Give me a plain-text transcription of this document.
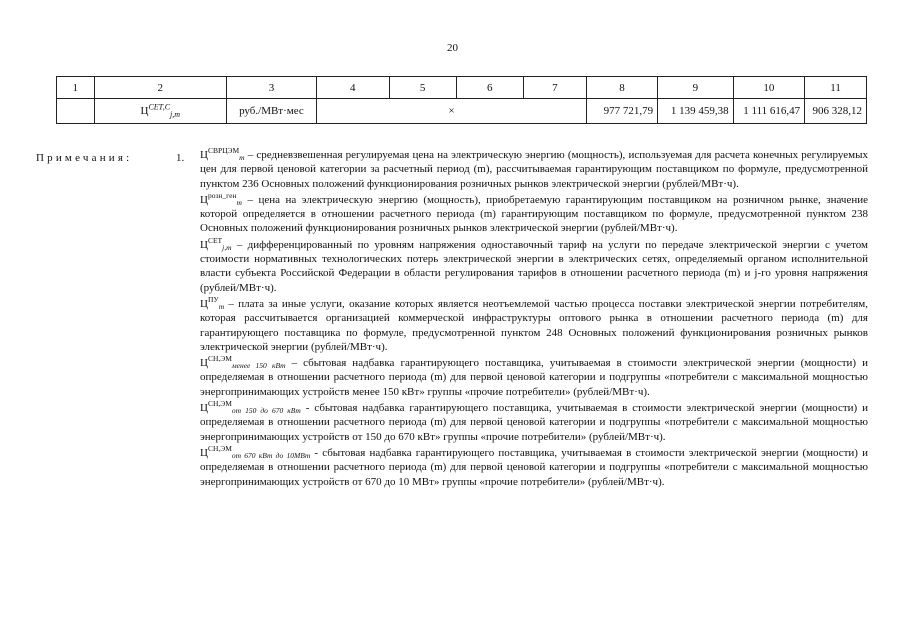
20
1	2	3	4	5	6	7	8	9	10	11
	$Ц^{СЕТ,С}_{j,m}$	руб./МВт·мес	×				977 721,79	1 139 459,38	1 111 616,47	906 328,12
Примечания:	1. $Ц^{СВРЦЭМ}_m$ – средневзвешенная регулируемая цена на электрическую энергию (мощность), используемая для расчета конечных регулируемых цен для первой ценовой категории за расчетный период (m), рассчитываемая гарантирующим поставщиком по формуле, предусмотренной пунктом 236 Основных положений функционирования розничных рынков электрической энергии (рублей/МВт·ч).

$Ц^{розн\_ген}_m$ – цена на электрическую энергию (мощность), приобретаемую гарантирующим поставщиком на розничном рынке, значение которой определяется в отношении расчетного периода (m) гарантирующим поставщиком по формуле, предусмотренной пунктом 238 Основных положений функционирования розничных рынков электрической энергии (рублей/МВт·ч).

$Ц^{СЕТ}_{j,m}$ – дифференцированный по уровням напряжения одноставочный тариф на услуги по передаче электрической энергии с учетом стоимости нормативных технологических потерь электрической энергии в электрических сетях, определяемый органом исполнительной власти субъекта Российской Федерации в области регулирования тарифов в отношении расчетного периода (m) и j-го уровня напряжения (рублей/МВт·ч).

$Ц^{ПУ}_m$ – плата за иные услуги, оказание которых является неотъемлемой частью процесса поставки электрической энергии потребителям, которая рассчитывается организацией коммерческой инфраструктуры оптового рынка в отношении расчетного периода (m) для гарантирующего поставщика по формуле, предусмотренной пунктом 248 Основных положений функционирования розничных рынков электрической энергии (рублей/МВт·ч).

$Ц^{СН,ЭМ}_{менее 150 кВт}$ – сбытовая надбавка гарантирующего поставщика, учитываемая в стоимости электрической энергии (мощности) и определяемая в отношении расчетного периода (m) для первой ценовой категории и подгруппы «потребители с максимальной мощностью энергопринимающих устройств менее 150 кВт» группы «прочие потребители» (рублей/МВт·ч).

$Ц^{СН,ЭМ}_{от 150 до 670 кВт}$ - сбытовая надбавка гарантирующего поставщика, учитываемая в стоимости электрической энергии (мощности) и определяемая в отношении расчетного периода (m) для первой ценовой категории и подгруппы «потребители с максимальной мощностью энергопринимающих устройств от 150 до 670 кВт» группы «прочие потребители» (рублей/МВт·ч).

$Ц^{СН,ЭМ}_{от 670 кВт до 10МВт}$ - сбытовая надбавка гарантирующего поставщика, учитываемая в стоимости электрической энергии (мощности) и определяемая в отношении расчетного периода (m) для первой ценовой категории и подгруппы «потребители с максимальной мощностью энергопринимающих устройств от 670 до 10 МВт» группы «прочие потребители» (рублей/МВт·ч).
